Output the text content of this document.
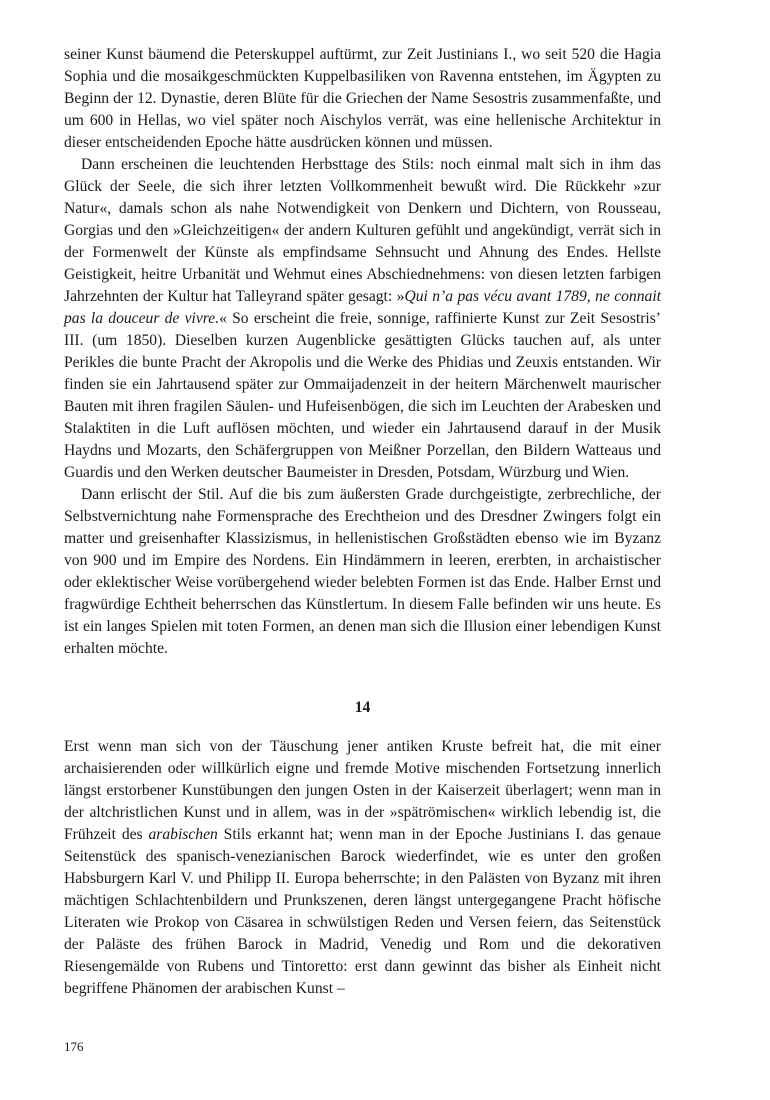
seiner Kunst bäumend die Peterskuppel auftürmt, zur Zeit Justinians I., wo seit 520 die Hagia Sophia und die mosaikgeschmückten Kuppelbasiliken von Ravenna entstehen, im Ägypten zu Beginn der 12. Dynastie, deren Blüte für die Griechen der Name Sesostris zusammenfaßte, und um 600 in Hellas, wo viel später noch Aischylos verrät, was eine hellenische Architektur in dieser entscheidenden Epoche hätte ausdrücken können und müssen.

Dann erscheinen die leuchtenden Herbsttage des Stils: noch einmal malt sich in ihm das Glück der Seele, die sich ihrer letzten Vollkommenheit bewußt wird. Die Rückkehr »zur Natur«, damals schon als nahe Notwendigkeit von Denkern und Dichtern, von Rousseau, Gorgias und den »Gleichzeitigen« der andern Kulturen gefühlt und angekündigt, verrät sich in der Formenwelt der Künste als empfindsame Sehnsucht und Ahnung des Endes. Hellste Geistigkeit, heitre Urbanität und Wehmut eines Abschiednehmens: von diesen letzten farbigen Jahrzehnten der Kultur hat Talleyrand später gesagt: »Qui n’a pas vécu avant 1789, ne connait pas la douceur de vivre.« So erscheint die freie, sonnige, raffinierte Kunst zur Zeit Sesostris’ III. (um 1850). Dieselben kurzen Augenblicke gesättigten Glücks tauchen auf, als unter Perikles die bunte Pracht der Akropolis und die Werke des Phidias und Zeuxis entstanden. Wir finden sie ein Jahrtausend später zur Ommaijadenzeit in der heitern Märchenwelt maurischer Bauten mit ihren fragilen Säulen- und Hufeisenbögen, die sich im Leuchten der Arabesken und Stalaktiten in die Luft auflösen möchten, und wieder ein Jahrtausend darauf in der Musik Haydns und Mozarts, den Schäfergruppen von Meißner Porzellan, den Bildern Watteaus und Guardis und den Werken deutscher Baumeister in Dresden, Potsdam, Würzburg und Wien.

Dann erlischt der Stil. Auf die bis zum äußersten Grade durchgeistigte, zerbrechliche, der Selbstvernichtung nahe Formensprache des Erechtheion und des Dresdner Zwingers folgt ein matter und greisenhafter Klassizismus, in hellenistischen Großstädten ebenso wie im Byzanz von 900 und im Empire des Nordens. Ein Hindämmern in leeren, ererbten, in archaistischer oder eklektischer Weise vorübergehend wieder belebten Formen ist das Ende. Halber Ernst und fragwürdige Echtheit beherrschen das Künstlertum. In diesem Falle befinden wir uns heute. Es ist ein langes Spielen mit toten Formen, an denen man sich die Illusion einer lebendigen Kunst erhalten möchte.

14

Erst wenn man sich von der Täuschung jener antiken Kruste befreit hat, die mit einer archaisierenden oder willkürlich eigne und fremde Motive mischenden Fortsetzung innerlich längst erstorbener Kunstübungen den jungen Osten in der Kaiserzeit überlagert; wenn man in der altchristlichen Kunst und in allem, was in der »spätrömischen« wirklich lebendig ist, die Frühzeit des arabischen Stils erkannt hat; wenn man in der Epoche Justinians I. das genaue Seitenstück des spanisch-venezianischen Barock wiederfindet, wie es unter den großen Habsburgern Karl V. und Philipp II. Europa beherrschte; in den Palästen von Byzanz mit ihren mächtigen Schlachtenbildern und Prunkszenen, deren längst untergegangene Pracht höfische Literaten wie Prokop von Cäsarea in schwülstigen Reden und Versen feiern, das Seitenstück der Paläste des frühen Barock in Madrid, Venedig und Rom und die dekorativen Riesengemälde von Rubens und Tintoretto: erst dann gewinnt das bisher als Einheit nicht begriffene Phänomen der arabischen Kunst –

176
